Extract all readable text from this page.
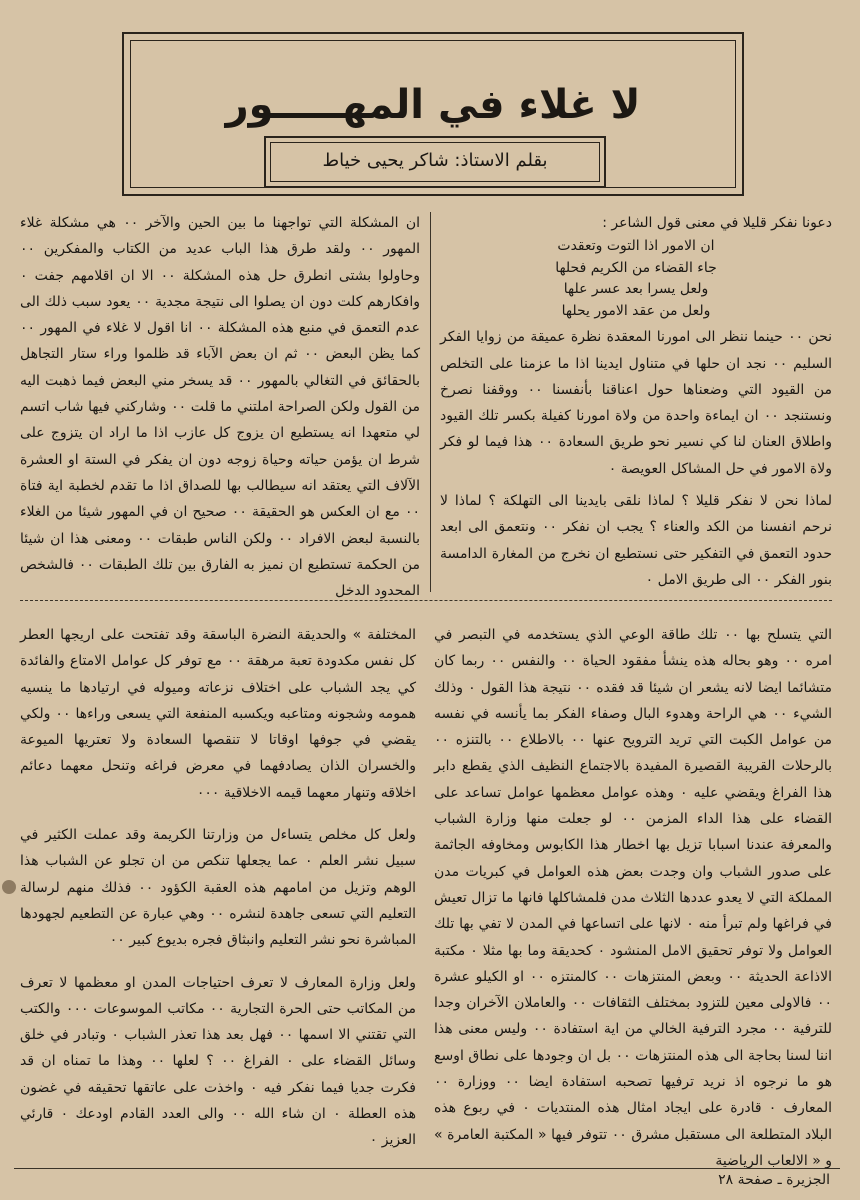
لا غلاء في المهـــــور
بقلم الاستاذ: شاكر يحيى خياط

دعونا نفكر قليلا في معنى قول الشاعر :

ان الامور اذا التوت وتعقدت

جاء القضاء من الكريم فحلها

ولعل يسرا بعد عسر علها

ولعل من عقد الامور يحلها

نحن ٠٠ حينما ننظر الى امورنا المعقدة نظرة عميقة من زوايا الفكر السليم ٠٠ نجد ان حلها في متناول ايدينا اذا ما عزمنا على التخلص من القيود التي وضعناها حول اعناقنا بأنفسنا ٠٠ ووقفنا نصرخ ونستنجد ٠٠ ان ايماءة واحدة من ولاة امورنا كفيلة بكسر تلك القيود واطلاق العنان لنا كي نسير نحو طريق السعادة ٠٠ هذا فيما لو فكر ولاة الامور في حل المشاكل العويصة ٠

لماذا نحن لا نفكر قليلا ؟ لماذا نلقى بايدينا الى التهلكة ؟ لماذا لا نرحم انفسنا من الكد والعناء ؟ يجب ان نفكر ٠٠ ونتعمق الى ابعد حدود التعمق في التفكير حتى نستطيع ان نخرج من المغارة الدامسة بنور الفكر ٠٠ الى طريق الامل ٠

ان المشكلة التي تواجهنا ما بين الحين والآخر ٠٠ هي مشكلة غلاء المهور ٠٠ ولقد طرق هذا الباب عديد من الكتاب والمفكرين ٠٠ وحاولوا بشتى انطرق حل هذه المشكلة ٠٠ الا ان اقلامهم جفت ٠ وافكارهم كلت دون ان يصلوا الى نتيجة مجدية ٠٠ يعود سبب ذلك الى عدم التعمق في منبع هذه المشكلة ٠٠ انا اقول لا غلاء في المهور ٠٠ كما يظن البعض ٠٠ ثم ان بعض الآباء قد ظلموا وراء ستار التجاهل بالحقائق في التغالي بالمهور ٠٠ قد يسخر مني البعض فيما ذهبت اليه من القول ولكن الصراحة املتني ما قلت ٠٠ وشاركني فيها شاب اتسم لي متعهدا انه يستطيع ان يزوج كل عازب اذا ما اراد ان يتزوج على شرط ان يؤمن حياته وحياة زوجه دون ان يفكر في الستة او العشرة الآلاف التي يعتقد انه سيطالب بها للصداق اذا ما تقدم لخطبة اية فتاة ٠٠ مع ان العكس هو الحقيقة ٠٠ صحيح ان في المهور شيئا من الغلاء بالنسبة لبعض الافراد ٠٠ ولكن الناس طبقات ٠٠ ومعنى هذا ان شيئا من الحكمة تستطيع ان نميز به الفارق بين تلك الطبقات ٠٠ فالشخص المحدود الدخل

التي يتسلح بها ٠٠ تلك طاقة الوعي الذي يستخدمه في التبصر في امره ٠٠ وهو بحاله هذه ينشأ مفقود الحياة ٠٠ والنفس ٠٠ ربما كان متشائما ايضا لانه يشعر ان شيئا قد فقده ٠٠ نتيجة هذا القول ٠ وذلك الشيء ٠٠ هي الراحة وهدوء البال وصفاء الفكر بما يأنسه في نفسه من عوامل الكبت التي تريد الترويح عنها ٠٠ بالاطلاع ٠٠ بالتنزه ٠٠ بالرحلات القريبة القصيرة المفيدة بالاجتماع النظيف الذي يقطع دابر هذا الفراغ ويقضي عليه ٠ وهذه عوامل معظمها عوامل تساعد على القضاء على هذا الداء المزمن ٠٠ لو جعلت منها وزارة الشباب والمعرفة عندنا اسبابا تزيل بها اخطار هذا الكابوس ومخاوفه الجاثمة على صدور الشباب وان وجدت بعض هذه العوامل في كبريات مدن المملكة التي لا يعدو عددها الثلاث مدن فلمشاكلها فانها ما تزال تعيش في فراغها ولم تبرأ منه ٠ لانها على اتساعها في المدن لا تفي بها تلك العوامل ولا توفر تحقيق الامل المنشود ٠ كحديقة وما بها مثلا ٠ مكتبة الاذاعة الحديثة ٠٠ وبعض المنتزهات ٠٠ كالمنتزه ٠٠ او الكيلو عشرة ٠٠ فالاولى معين للتزود بمختلف الثقافات ٠٠ والعاملان الآخران وجدا للترفية ٠٠ مجرد الترفية الخالي من اية استفادة ٠٠ وليس معنى هذا اننا لسنا بحاجة الى هذه المنتزهات ٠٠ بل ان وجودها على نطاق اوسع هو ما نرجوه اذ نريد ترفيها تصحبه استفادة ايضا ٠٠ ووزارة ٠٠ المعارف ٠ قادرة على ايجاد امثال هذه المنتديات ٠ في ربوع هذه البلاد المتطلعة الى مستقبل مشرق ٠٠ تتوفر فيها « المكتبة العامرة » و « الالعاب الرياضية

المختلفة » والحديقة النضرة الباسقة وقد تفتحت على اريجها العطر كل نفس مكدودة تعبة مرهقة ٠٠ مع توفر كل عوامل الامتاع والفائدة كي يجد الشباب على اختلاف نزعاته وميوله في ارتيادها ما ينسيه همومه وشجونه ومتاعبه ويكسبه المنفعة التي يسعى وراءها ٠٠ ولكي يقضي في جوفها اوقاتا لا تنقصها السعادة ولا تعتريها الميوعة والخسران الذان يصادفهما في معرض فراغه وتنحل معهما دعائم اخلاقه وتنهار معهما قيمه الاخلاقية ٠٠٠

ولعل كل مخلص يتساءل من وزارتنا الكريمة وقد عملت الكثير في سبيل نشر العلم ٠ عما يجعلها تنكص من ان تجلو عن الشباب هذا الوهم وتزيل من امامهم هذه العقبة الكؤود ٠٠ فذلك منهم لرسالة التعليم التي تسعى جاهدة لنشره ٠٠ وهي عبارة عن التطعيم لجهودها المباشرة نحو نشر التعليم وانبثاق فجره بديوع كبير ٠٠

ولعل وزارة المعارف لا تعرف احتياجات المدن او معظمها لا تعرف من المكاتب حتى الحرة التجارية ٠٠ مكاتب الموسوعات ٠٠٠ والكتب التي تقتني الا اسمها ٠٠ فهل بعد هذا تعذر الشباب ٠ وتبادر في خلق وسائل القضاء على ٠ الفراغ ٠٠ ؟ لعلها ٠٠ وهذا ما تمناه ان قد فكرت جديا فيما نفكر فيه ٠ واخذت على عاتقها تحقيقه في غضون هذه العطلة ٠ ان شاء الله ٠٠ والى العدد القادم اودعك ٠ قارئي العزيز ٠

الجزيرة ـ صفحة ٢٨
